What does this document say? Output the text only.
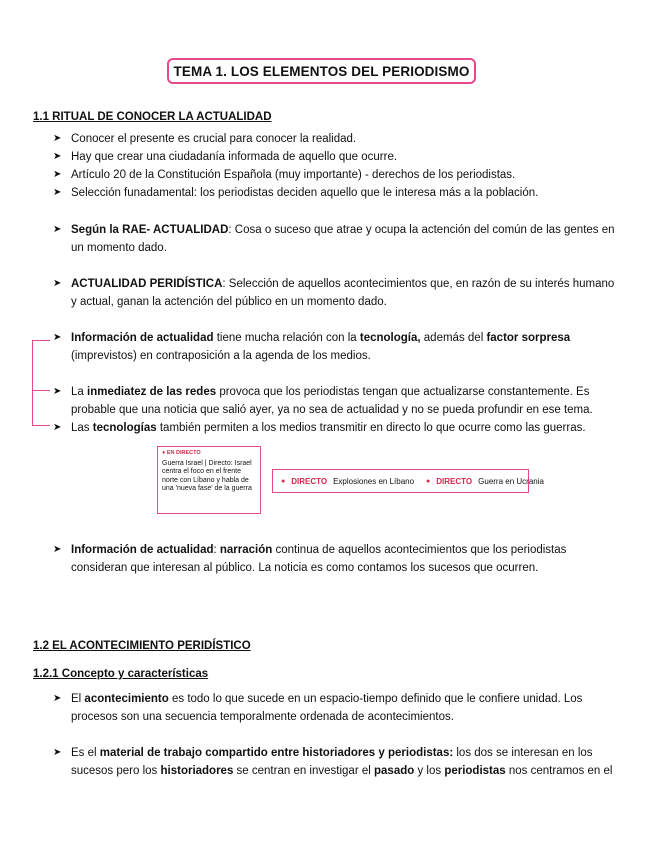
TEMA 1. LOS ELEMENTOS DEL PERIODISMO
1.1 RITUAL DE CONOCER LA ACTUALIDAD
➤ Conocer el presente es crucial para conocer la realidad.
➤ Hay que crear una ciudadanía informada de aquello que ocurre.
➤ Artículo 20 de la Constitución Española (muy importante) - derechos de los periodistas.
➤ Selección funadamental: los periodistas deciden aquello que le interesa más a la población.
➤ Según la RAE- ACTUALIDAD: Cosa o suceso que atrae y ocupa la actención del común de las gentes en un momento dado.
➤ ACTUALIDAD PERIDÍSTICA: Selección de aquellos acontecimientos que, en razón de su interés humano y actual, ganan la actención del público en un momento dado.
➤ Información de actualidad tiene mucha relación con la tecnología, además del factor sorpresa (imprevistos) en contraposición a la agenda de los medios.
➤ La inmediatez de las redes provoca que los periodistas tengan que actualizarse constantemente. Es probable que una noticia que salió ayer, ya no sea de actualidad y no se pueda profundir en ese tema.
➤ Las tecnologías también permiten a los medios transmitir en directo lo que ocurre como las guerras.
● EN DIRECTO
Guerra Israel | Directo: Israel centra el foco en el frente norte con Líbano y habla de una 'nueva fase' de la guerra
● DIRECTO Explosiones en Líbano ● DIRECTO Guerra en Ucrania
➤ Información de actualidad: narración continua de aquellos acontecimientos que los periodistas consideran que interesan al público. La noticia es como contamos los sucesos que ocurren.
1.2 EL ACONTECIMIENTO PERIDÍSTICO
1.2.1 Concepto y características
➤ El acontecimiento es todo lo que sucede en un espacio-tiempo definido que le confiere unidad. Los procesos son una secuencia temporalmente ordenada de acontecimientos.
➤ Es el material de trabajo compartido entre historiadores y periodistas: los dos se interesan en los sucesos pero los historiadores se centran en investigar el pasado y los periodistas nos centramos en el
